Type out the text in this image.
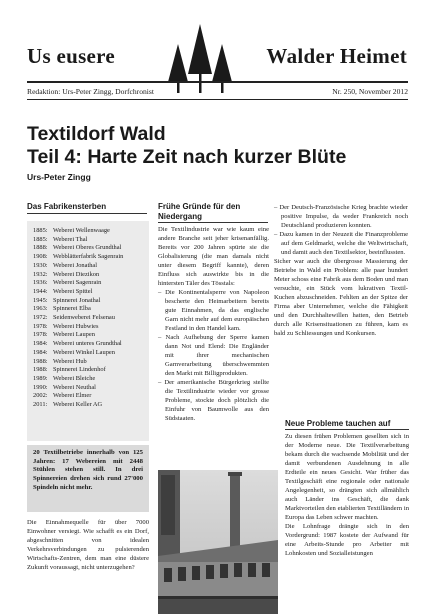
Us eusere	Walder Heimet
Redaktion: Urs-Peter Zingg, Dorfchronist	Nr. 250, November 2012
Textildorf Wald
Teil 4: Harte Zeit nach kurzer Blüte
Urs-Peter Zingg
Das Fabrikensterben
1885: Weberei Wellenwaage
1885: Weberei Thal
1888: Weberei Oberes Grundthal
1908: Webblätterfabrik Sagenrain
1930: Weberei Jonathal
1932: Weberei Diezikon
1936: Weberei Sagenrain
1944: Weberei Spittel
1945: Spinnerei Jonathal
1963: Spinnerei Elba
1972: Seidenweberei Felsenau
1978: Weberei Hubwies
1978: Weberei Laupen
1984: Weberei unteres Grundthal
1984: Weberei Winkel Laupen
1988: Weberei Hub
1988: Spinnerei Lindenhof
1989: Weberei Bleiche
1990: Weberei Neuthal
2002: Weberei Elmer
2011: Weberei Keller AG
20 Textilbetriebe innerhalb von 125 Jahren: 17 Webereien mit 2448 Stühlen stehen still. In drei Spinnereien drehen sich rund 27'000 Spindeln nicht mehr.
Die Einnahmequelle für über 7000 Einwohner versiegt. Wie schafft es ein Dorf, abgeschnitten von idealen Verkehrsverbindungen zu pulsierenden Wirtschafts-Zentren, dem man eine düstere Zukunft voraussagt, nicht unterzugehen?
Frühe Gründe für den Niedergang

Die Textilindustrie war wie kaum eine andere Branche seit jeher krisenanfällig. Bereits vor 200 Jahren spürte sie die Globalisierung (die man damals nicht unter diesem Begriff kannte), deren Einfluss sich auswirkte bis in die hintersten Täler des Tösstals:

– Die Kontinentalsperre von Napoleon bescherte den Heimarbeitern bereits gute Einnahmen, da das englische Garn nicht mehr auf dem europäischen Festland in den Handel kam.

– Nach Aufhebung der Sperre kamen dann Not und Elend: Die Engländer mit ihrer mechanischen Garnverarbeitung überschwemmten den Markt mit Billigprodukten.

– Der amerikanische Bürgerkrieg stellte die Textilindustrie wieder vor grosse Probleme, stockte doch plötzlich die Einfuhr von Baumwolle aus den Südstaaten.

– Der Deutsch-Französische Krieg brachte wieder positive Impulse, da weder Frankreich noch Deutschland produzieren konnten.

– Dazu kamen in der Neuzeit die Finanzprobleme auf dem Geldmarkt, welche die Weltwirtschaft, und damit auch den Textilsektor, beeinflussten.

Sicher war auch die übergrosse Massierung der Betriebe in Wald ein Problem: alle paar hundert Meter schoss eine Fabrik aus dem Boden und man versuchte, ein Stück vom lukrativen Textil-Kuchen abzuschneiden. Fehlten an der Spitze der Firma aber Unternehmer, welche die Fähigkeit und den Durchhaltewillen hatten, den Betrieb durch alle Krisensituationen zu führen, kam es bald zu Schliessungen und Konkursen.

Neue Probleme tauchen auf

Zu diesen frühen Problemen gesellten sich in der Moderne neue. Die Textilverarbeitung bekam durch die wachsende Mobilität und der damit verbundenen Ausdehnung in alle Erdteile ein neues Gesicht. War früher das Textilgeschäft eine regionale oder nationale Angelegenheit, so drängten sich allmählich auch Länder ins Geschäft, die dank Marktvorteilen den etablierten Textilländern in Europa das Leben schwer machten.

Die Lohnfrage drängte sich in den Vordergrund: 1987 kostete der Aufwand für eine Arbeits-Stunde pro Arbeiter mit Lohnkosten und Sozialleistungen
